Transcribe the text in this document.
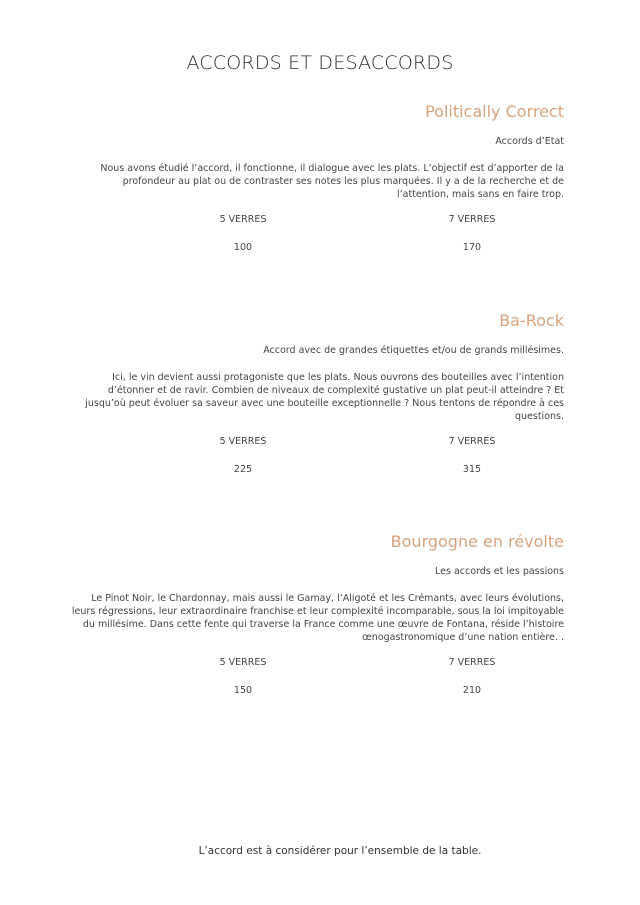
ACCORDS ET DESACCORDS
Politically Correct
Accords d’Etat
Nous avons étudié l’accord, il fonctionne, il dialogue avec les plats. L’objectif est d’apporter de la profondeur au plat ou de contraster ses notes les plus marquées. Il y a de la recherche et de l’attention, mais sans en faire trop.
5 VERRES
100
7 VERRES
170
Ba-Rock
Accord avec de grandes étiquettes et/ou de grands millésimes.
Ici, le vin devient aussi protagoniste que les plats. Nous ouvrons des bouteilles avec l’intention d’étonner et de ravir. Combien de niveaux de complexité gustative un plat peut-il atteindre ? Et jusqu’où peut évoluer sa saveur avec une bouteille exceptionnelle ? Nous tentons de répondre à ces questions.
5 VERRES
225
7 VERRES
315
Bourgogne en révolte
Les accords et les passions
Le Pinot Noir, le Chardonnay, mais aussi le Gamay, l’Aligoté et les Crémants, avec leurs évolutions, leurs régressions, leur extraordinaire franchise et leur complexité incomparable, sous la loi impitoyable du millésime. Dans cette fente qui traverse la France comme une œuvre de Fontana, réside l’histoire œnogastronomique d’une nation entière. .
5 VERRES
150
7 VERRES
210
L’accord est à considérer pour l’ensemble de la table.
